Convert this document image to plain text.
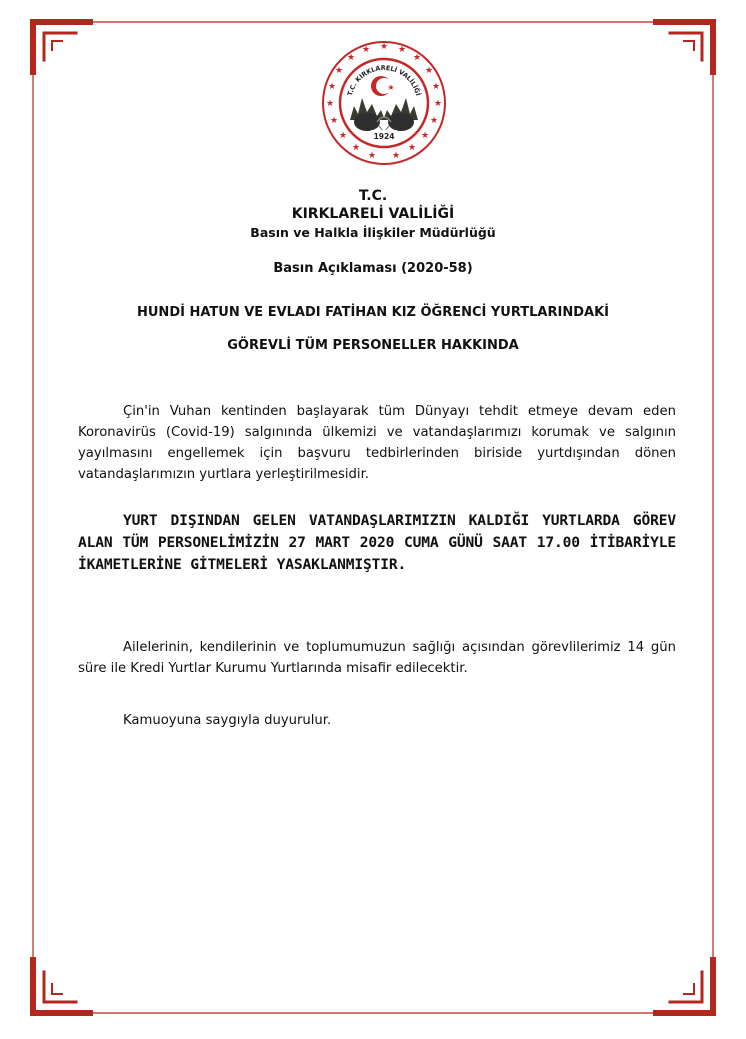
★ ★
★
★
★
★
★
★
★
★
★
★
★
★
★
★
★
★
★
T.C. KIRKLARELİ VALİLİĞİ
★
1924
T.C.
KIRKLARELİ VALİLİĞİ
Basın ve Halkla İlişkiler Müdürlüğü
Basın Açıklaması (2020-58)
HUNDİ HATUN VE EVLADI FATİHAN KIZ ÖĞRENCİ YURTLARINDAKİ
GÖREVLİ TÜM PERSONELLER HAKKINDA
Çin'in Vuhan kentinden başlayarak tüm Dünyayı tehdit etmeye devam eden Koronavirüs (Covid-19) salgınında ülkemizi ve vatandaşlarımızı korumak ve salgının yayılmasını engellemek için başvuru tedbirlerinden biriside yurtdışından dönen vatandaşlarımızın yurtlara yerleştirilmesidir.
YURT DIŞINDAN GELEN VATANDAŞLARIMIZIN KALDIĞI YURTLARDA GÖREV ALAN TÜM PERSONELİMİZİN 27 MART 2020 CUMA GÜNÜ SAAT 17.00 İTİBARİYLE İKAMETLERİNE GİTMELERİ YASAKLANMIŞTIR.
Ailelerinin, kendilerinin ve toplumumuzun sağlığı açısından görevlilerimiz 14 gün süre ile Kredi Yurtlar Kurumu Yurtlarında misafir edilecektir.
Kamuoyuna saygıyla duyurulur.
